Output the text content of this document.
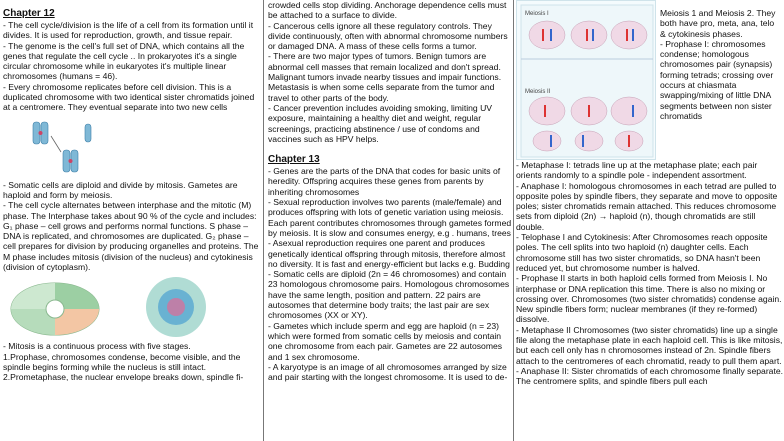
Chapter 12

- The cell cycle/division is the life of a cell from its formation until it divides. It is used for reproduction, growth, and tissue repair.

- The genome is the cell's full set of DNA, which contains all the genes that regulate the cell cycle .. In prokaryotes it's a single circular chromosome while in eukaryotes it's multiple linear chromosomes (humans = 46).

- Every chromosome replicates before cell division. This is a duplicated chromosome with two identical sister chromatids joined at a centromere. They eventual separate into two new cells

- Somatic cells are diploid and divide by mitosis. Gametes are haploid and form by meiosis.

- The cell cycle alternates between interphase and the mitotic (M) phase. The Interphase takes about 90 % of the cycle and includes: G₁ phase – cell grows and performs normal functions. S phase – DNA is replicated, and chromosomes are duplicated. G₂ phase – cell prepares for division by producing organelles and proteins. The M phase includes mitosis (division of the nucleus) and cytokinesis (division of cytoplasm).

- Mitosis is a continuous process with five stages.

1.Prophase, chromosomes condense, become visible, and the spindle begins forming while the nucleus is still intact.

2.Prometaphase, the nuclear envelope breaks down, spindle fi-

crowded cells stop dividing. Anchorage dependence cells must be attached to a surface to divide.

- Cancerous cells ignore all these regulatory controls. They divide continuously, often with abnormal chromosome numbers or damaged DNA. A mass of these cells forms a tumor.

- There are two major types of tumors. Benign tumors are abnormal cell masses that remain localized and don't spread. Malignant tumors invade nearby tissues and impair functions. Metastasis is when some cells separate from the tumor and travel to other parts of the body.

- Cancer prevention includes avoiding smoking, limiting UV exposure, maintaining a healthy diet and weight, regular screenings, practicing abstinence / use of condoms and vaccines such as HPV helps.

Chapter 13

- Genes are the parts of the DNA that codes for basic units of heredity. Offspring acquires these genes from parents by inheriting chromosomes

- Sexual reproduction involves two parents (male/female) and produces offspring with lots of genetic variation using meiosis. Each parent contributes chromosomes through gametes formed by meiosis. It is slow and consumes energy, e.g . humans, trees

- Asexual reproduction requires one parent and produces genetically identical offspring through mitosis, therefore almost no diversity. It is fast and energy-efficient but lacks e.g. Budding

- Somatic cells are diploid (2n = 46 chromosomes) and contain 23 homologous chromosome pairs. Homologous chromosomes have the same length, position and pattern. 22 pairs are autosomes that determine body traits; the last pair are sex chromosomes (XX or XY).

- Gametes which include sperm and egg are haploid (n = 23) which were formed from somatic cells by meiosis and contain one chromosome from each pair. Gametes are 22 autosomes and 1 sex chromosome.

- A karyotype is an image of all chromosomes arranged by size and pair starting with the longest chromosome. It is used to de-

Meiosis I
Meiosis II

Meiosis 1 and Meiosis 2. They both have pro, meta, ana, telo & cytokinesis phases.

- Prophase I: chromosomes condense; homologous chromosomes pair (synapsis) forming tetrads; crossing over occurs at chiasmata swapping/mixing of little DNA segments between non sister chromatids

- Metaphase I: tetrads line up at the metaphase plate; each pair orients randomly to a spindle pole - independent assortment.

- Anaphase I: homologous chromosomes in each tetrad are pulled to opposite poles by spindle fibers, they separate and move to opposite poles; sister chromatids remain attached. This reduces chromosome sets from diploid (2n) → haploid (n), though chromatids are still double.

- Telophase I and Cytokinesis: After Chromosomes reach opposite poles. The cell splits into two haploid (n) daughter cells. Each chromosome still has two sister chromatids, so DNA hasn't been reduced yet, but chromosome number is halved.

- Prophase II starts in both haploid cells formed from Meiosis I. No interphase or DNA replication this time. There is also no mixing or crossing over. Chromosomes (two sister chromatids) condense again. New spindle fibers form; nuclear membranes (if they re-formed) dissolve.

- Metaphase II Chromosomes (two sister chromatids) line up a single file along the metaphase plate in each haploid cell. This is like mitosis, but each cell only has n chromosomes instead of 2n. Spindle fibers attach to the centromeres of each chromatid, ready to pull them apart.

- Anaphase II: Sister chromatids of each chromosome finally separate. The centromere splits, and spindle fibers pull each
